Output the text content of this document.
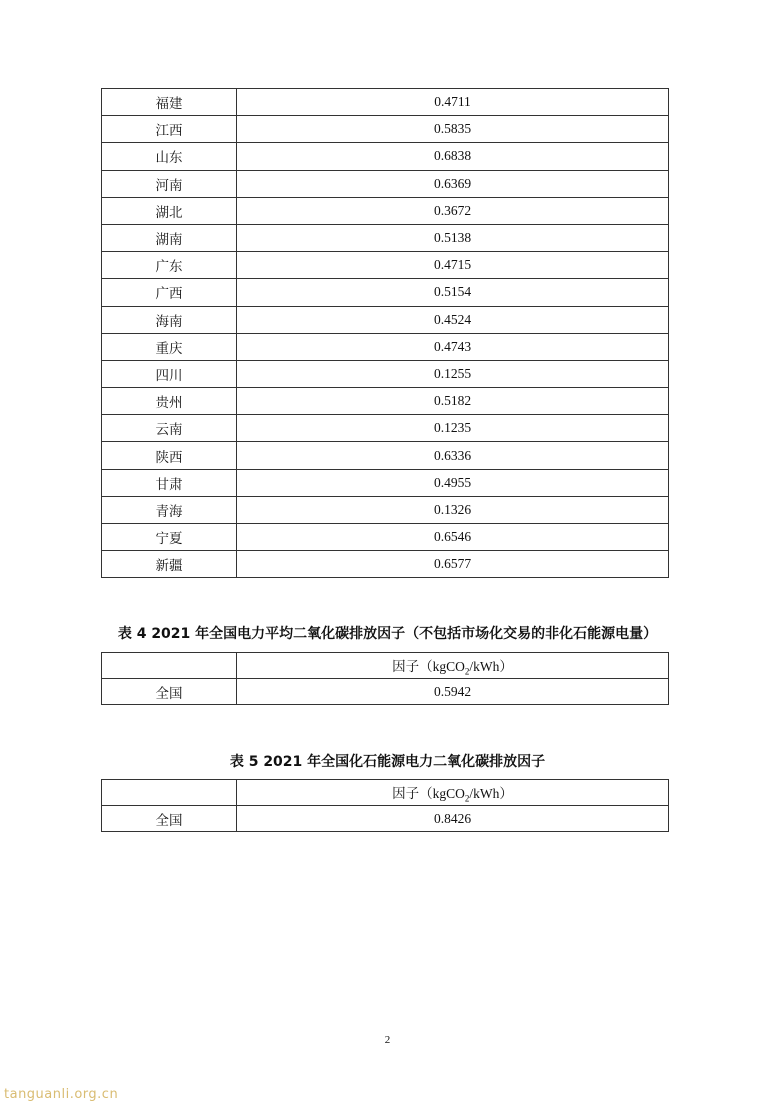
福建	0.4711
江西	0.5835
山东	0.6838
河南	0.6369
湖北	0.3672
湖南	0.5138
广东	0.4715
广西	0.5154
海南	0.4524
重庆	0.4743
四川	0.1255
贵州	0.5182
云南	0.1235
陕西	0.6336
甘肃	0.4955
青海	0.1326
宁夏	0.6546
新疆	0.6577
表 4 2021 年全国电力平均二氧化碳排放因子（不包括市场化交易的非化石能源电量）
	因子（kgCO$_2$/kWh）
全国	0.5942
表 5 2021 年全国化石能源电力二氧化碳排放因子
	因子（kgCO$_2$/kWh）
全国	0.8426
2
tanguanli.org.cn
